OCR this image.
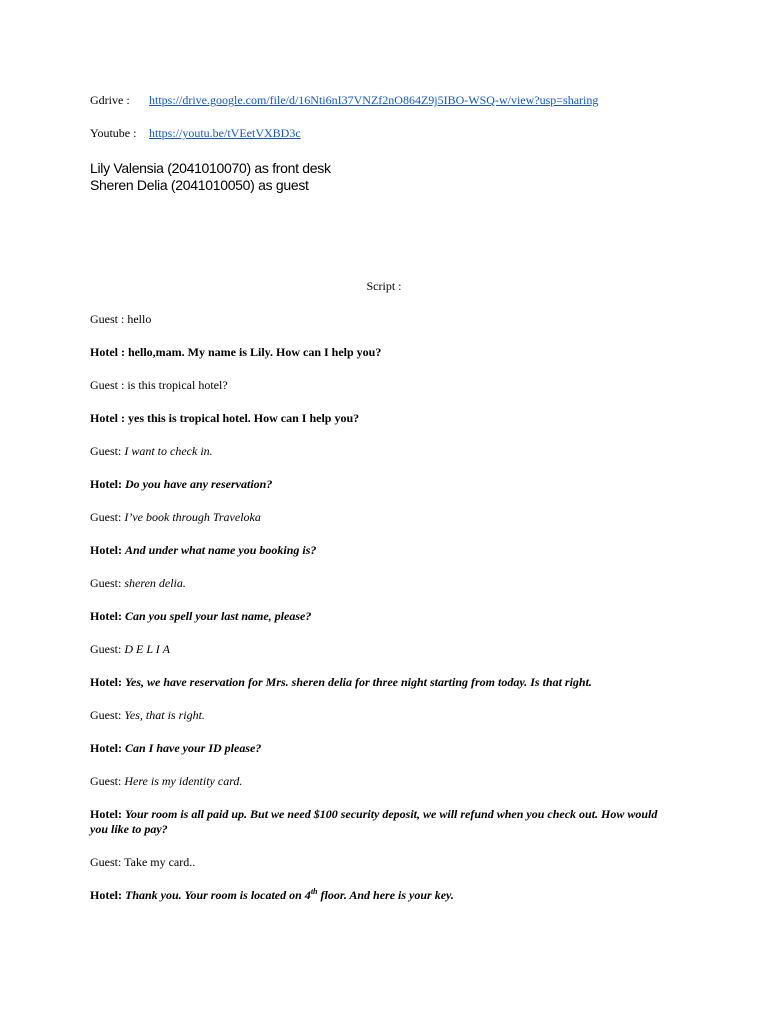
Gdrive : https://drive.google.com/file/d/16Nti6nI37VNZf2nO864Z9j5IBO-WSQ-w/view?usp=sharing
Youtube : https://youtu.be/tVEetVXBD3c
Lily Valensia (2041010070) as front desk
Sheren Delia (2041010050) as guest
Script :
Guest : hello
Hotel : hello,mam. My name is Lily. How can I help you?
Guest : is this tropical hotel?
Hotel : yes this is tropical hotel. How can I help you?
Guest: I want to check in.
Hotel: Do you have any reservation?
Guest: I’ve book through Traveloka
Hotel: And under what name you booking is?
Guest: sheren delia.
Hotel: Can you spell your last name, please?
Guest: D E L I A
Hotel: Yes, we have reservation for Mrs. sheren delia for three night starting from today. Is that right.
Guest: Yes, that is right.
Hotel: Can I have your ID please?
Guest: Here is my identity card.
Hotel: Your room is all paid up. But we need $100 security deposit, we will refund when you check out. How would you like to pay?
Guest: Take my card..
Hotel: Thank you. Your room is located on 4th floor. And here is your key.
